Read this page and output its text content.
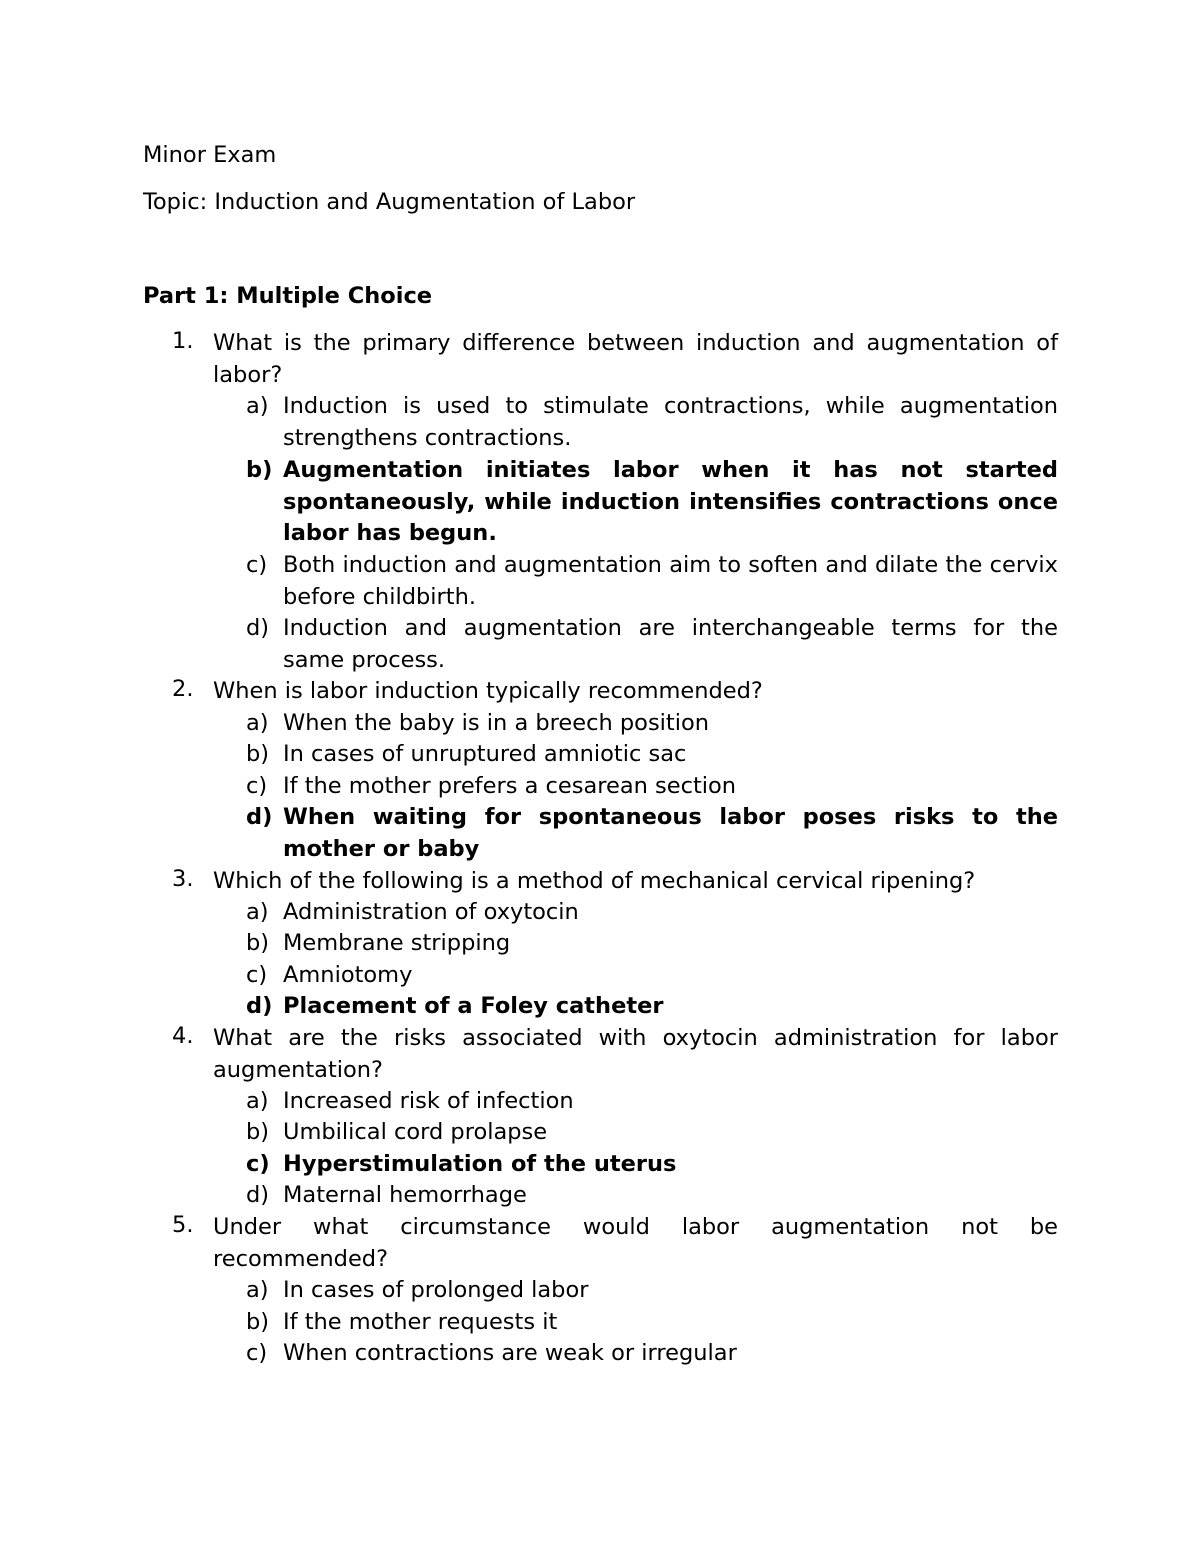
Minor Exam
Topic: Induction and Augmentation of Labor
Part 1: Multiple Choice
1. What is the primary difference between induction and augmentation of labor?
a) Induction is used to stimulate contractions, while augmentation strengthens contractions.
b) Augmentation initiates labor when it has not started spontaneously, while induction intensifies contractions once labor has begun.
c) Both induction and augmentation aim to soften and dilate the cervix before childbirth.
d) Induction and augmentation are interchangeable terms for the same process.
2. When is labor induction typically recommended?
a) When the baby is in a breech position
b) In cases of unruptured amniotic sac
c) If the mother prefers a cesarean section
d) When waiting for spontaneous labor poses risks to the mother or baby
3. Which of the following is a method of mechanical cervical ripening?
a) Administration of oxytocin
b) Membrane stripping
c) Amniotomy
d) Placement of a Foley catheter
4. What are the risks associated with oxytocin administration for labor augmentation?
a) Increased risk of infection
b) Umbilical cord prolapse
c) Hyperstimulation of the uterus
d) Maternal hemorrhage
5. Under what circumstance would labor augmentation not be recommended?
a) In cases of prolonged labor
b) If the mother requests it
c) When contractions are weak or irregular
